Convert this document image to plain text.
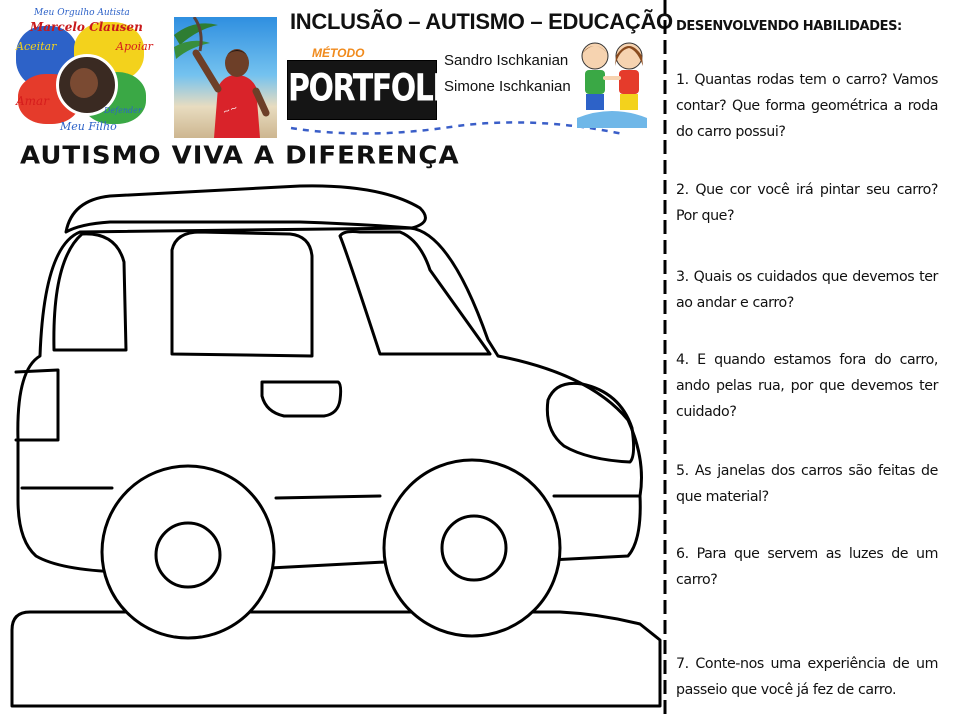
Meu Orgulho Autista
Marcelo Clausen
Aceitar	Apoiar
Amar
Defender
Meu Filho
~~
INCLUSÃO – AUTISMO – EDUCAÇÃO
MÉTODO
PORTFOLIO
Sandro Ischkanian
Simone Ischkanian
AUTISMO VIVA A DIFERENÇA
DESENVOLVENDO HABILIDADES:
1. Quantas rodas tem o carro? Vamos contar? Que forma geométrica a roda do carro possui?
2. Que cor você irá pintar seu carro? Por que?
3. Quais os cuidados que devemos ter ao andar e carro?
4. E quando estamos fora do carro, ando pelas rua, por que devemos ter cuidado?
5. As janelas dos carros são feitas de que material?
6. Para que servem as luzes de um carro?
7. Conte-nos uma experiência de um passeio que você já fez de carro.
